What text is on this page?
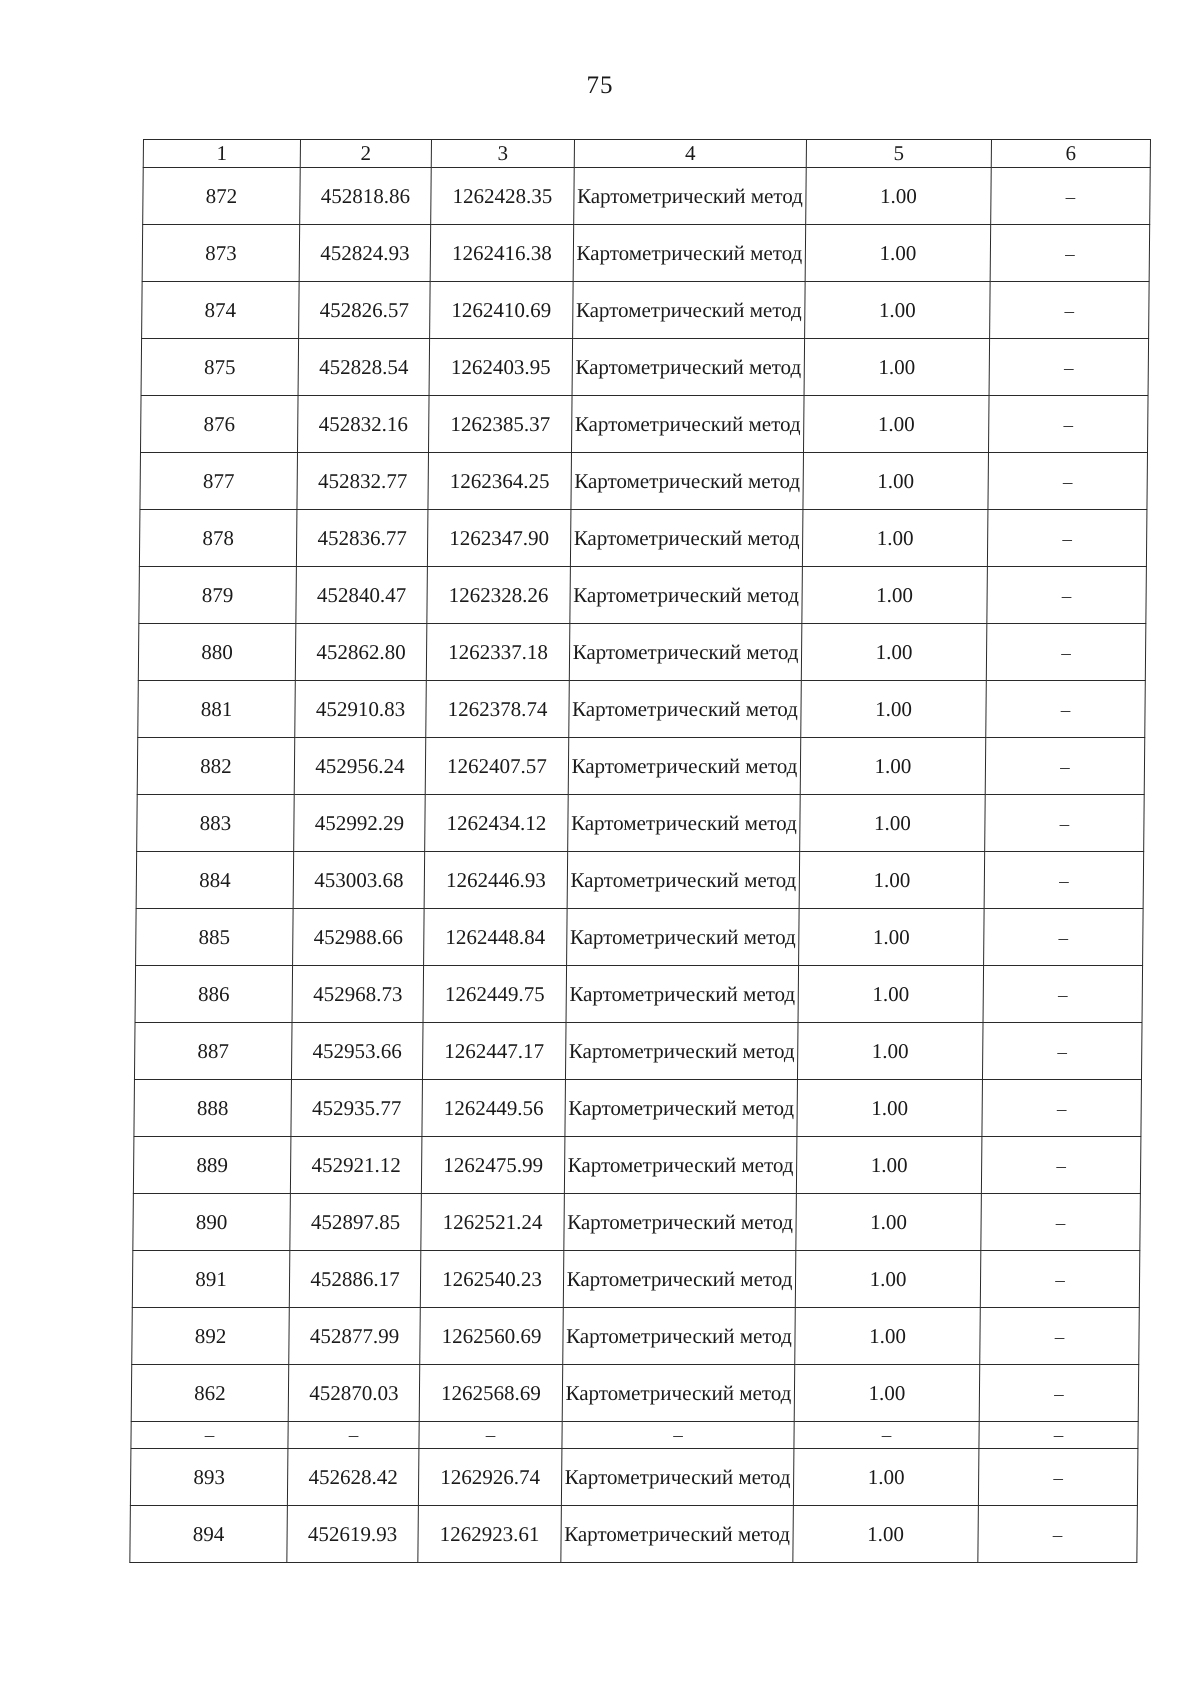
75
1	2	3	4	5	6
872	452818.86	1262428.35	Картометрический метод	1.00	–
873	452824.93	1262416.38	Картометрический метод	1.00	–
874	452826.57	1262410.69	Картометрический метод	1.00	–
875	452828.54	1262403.95	Картометрический метод	1.00	–
876	452832.16	1262385.37	Картометрический метод	1.00	–
877	452832.77	1262364.25	Картометрический метод	1.00	–
878	452836.77	1262347.90	Картометрический метод	1.00	–
879	452840.47	1262328.26	Картометрический метод	1.00	–
880	452862.80	1262337.18	Картометрический метод	1.00	–
881	452910.83	1262378.74	Картометрический метод	1.00	–
882	452956.24	1262407.57	Картометрический метод	1.00	–
883	452992.29	1262434.12	Картометрический метод	1.00	–
884	453003.68	1262446.93	Картометрический метод	1.00	–
885	452988.66	1262448.84	Картометрический метод	1.00	–
886	452968.73	1262449.75	Картометрический метод	1.00	–
887	452953.66	1262447.17	Картометрический метод	1.00	–
888	452935.77	1262449.56	Картометрический метод	1.00	–
889	452921.12	1262475.99	Картометрический метод	1.00	–
890	452897.85	1262521.24	Картометрический метод	1.00	–
891	452886.17	1262540.23	Картометрический метод	1.00	–
892	452877.99	1262560.69	Картометрический метод	1.00	–
862	452870.03	1262568.69	Картометрический метод	1.00	–
–	–	–	–	–	–
893	452628.42	1262926.74	Картометрический метод	1.00	–
894	452619.93	1262923.61	Картометрический метод	1.00	–
